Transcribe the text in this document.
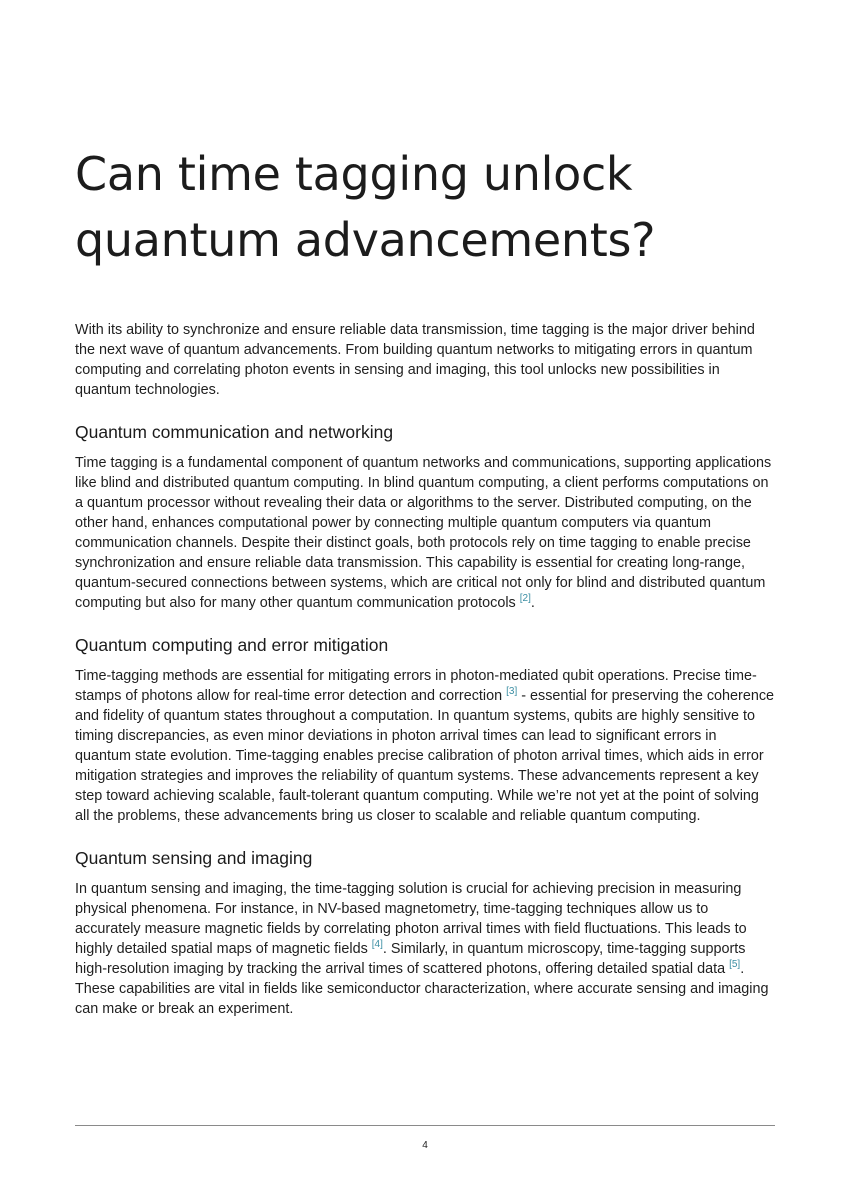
Can time tagging unlock
quantum advancements?

With its ability to synchronize and ensure reliable data transmission, time tagging is the major driver behind the next wave of quantum advancements. From building quantum networks to mitigating errors in quantum computing and correlating photon events in sensing and imaging, this tool unlocks new possibilities in quantum technologies.

Quantum communication and networking

Time tagging is a fundamental component of quantum networks and communications, supporting applications like blind and distributed quantum computing. In blind quantum computing, a client performs computations on a quantum processor without revealing their data or algorithms to the server. Distributed computing, on the other hand, enhances computational power by connecting multiple quantum computers via quantum communication channels. Despite their distinct goals, both protocols rely on time tagging to enable precise synchronization and ensure reliable data transmission. This capability is essential for creating long-range, quantum-secured connections between systems, which are critical not only for blind and distributed quantum computing but also for many other quantum communication protocols [2].

Quantum computing and error mitigation

Time-tagging methods are essential for mitigating errors in photon-mediated qubit operations. Precise time-stamps of photons allow for real-time error detection and correction [3] - essential for preserving the coherence and fidelity of quantum states throughout a computation. In quantum systems, qubits are highly sensitive to timing discrepancies, as even minor deviations in photon arrival times can lead to significant errors in quantum state evolution. Time-tagging enables precise calibration of photon arrival times, which aids in error mitigation strategies and improves the reliability of quantum systems. These advancements represent a key step toward achieving scalable, fault-tolerant quantum computing. While we’re not yet at the point of solving all the problems, these advancements bring us closer to scalable and reliable quantum computing.

Quantum sensing and imaging

In quantum sensing and imaging, the time-tagging solution is crucial for achieving precision in measuring physical phenomena. For instance, in NV-based magnetometry, time-tagging techniques allow us to accurately measure magnetic fields by correlating photon arrival times with field fluctuations. This leads to highly detailed spatial maps of magnetic fields [4]. Similarly, in quantum microscopy, time-tagging supports high-resolution imaging by tracking the arrival times of scattered photons, offering detailed spatial data [5]. These capabilities are vital in fields like semiconductor characterization, where accurate sensing and imaging can make or break an experiment.

4
